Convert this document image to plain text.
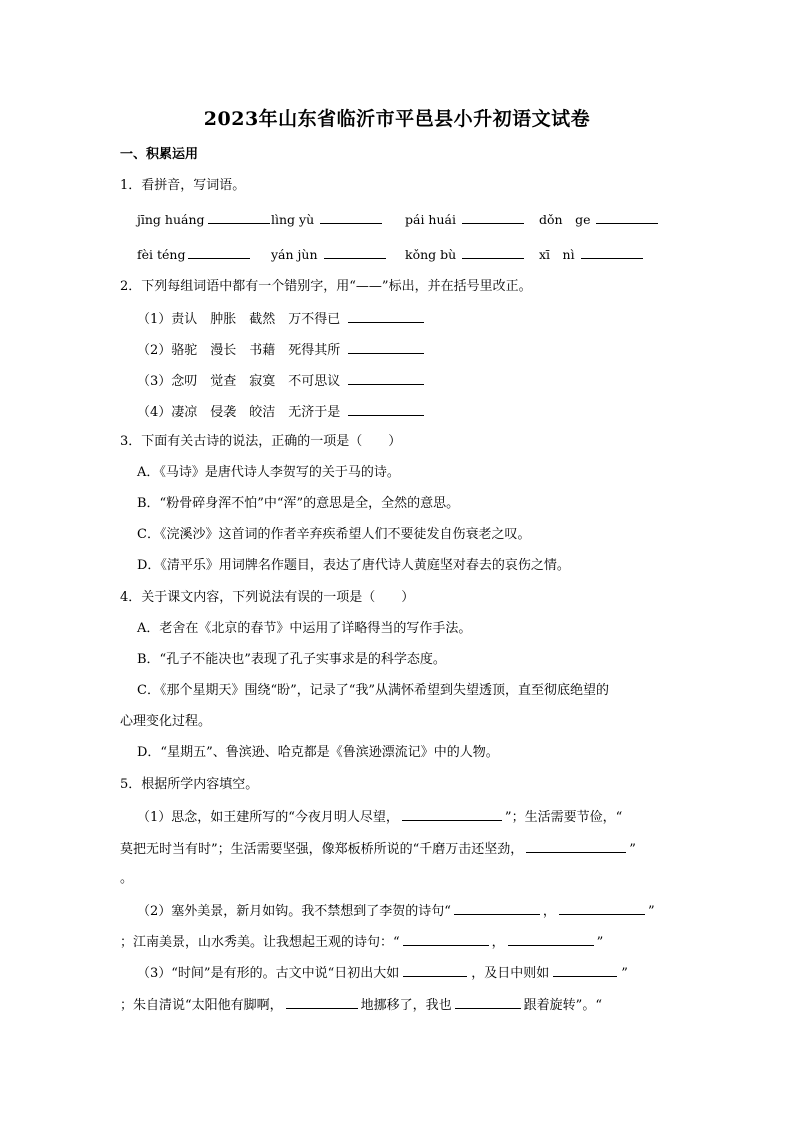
2023年山东省临沂市平邑县小升初语文试卷
一、积累运用
1．看拼音，写词语。
jīng huáng	lìng yù	pái huái	dǒn　ge
fèi téng	yán jùn	kǒng bù	xī　nì
2．下列每组词语中都有一个错别字，用“——”标出，并在括号里改正。
（1）责认　肿胀　截然　万不得已
（2）骆驼　漫长　书藉　死得其所
（3）念叨　觉查　寂寞　不可思议
（4）凄凉　侵袭　皎洁　无济于是
3．下面有关古诗的说法，正确的一项是（　　）
A．《马诗》是唐代诗人李贺写的关于马的诗。
B．“粉骨碎身浑不怕”中“浑”的意思是全，全然的意思。
C．《浣溪沙》这首词的作者辛弃疾希望人们不要徒发自伤衰老之叹。
D．《清平乐》用词牌名作题目，表达了唐代诗人黄庭坚对春去的哀伤之情。
4．关于课文内容，下列说法有误的一项是（　　）
A．老舍在《北京的春节》中运用了详略得当的写作手法。
B．“孔子不能决也”表现了孔子实事求是的科学态度。
C．《那个星期天》围绕“盼”，记录了“我”从满怀希望到失望透顶，直至彻底绝望的
心理变化过程。
D．“星期五”、鲁滨逊、哈克都是《鲁滨逊漂流记》中的人物。
5．根据所学内容填空。
（1）思念，如王建所写的“今夜月明人尽望，	”；生活需要节俭，“
莫把无时当有时”；生活需要坚强，像郑板桥所说的“千磨万击还坚劲，	”
。
（2）塞外美景，新月如钩。我不禁想到了李贺的诗句“	，	”
；江南美景，山水秀美。让我想起王观的诗句：“	，	”
（3）“时间”是有形的。古文中说“日初出大如	，及日中则如	”
；朱自清说“太阳他有脚啊，	地挪移了，我也	跟着旋转”。“
